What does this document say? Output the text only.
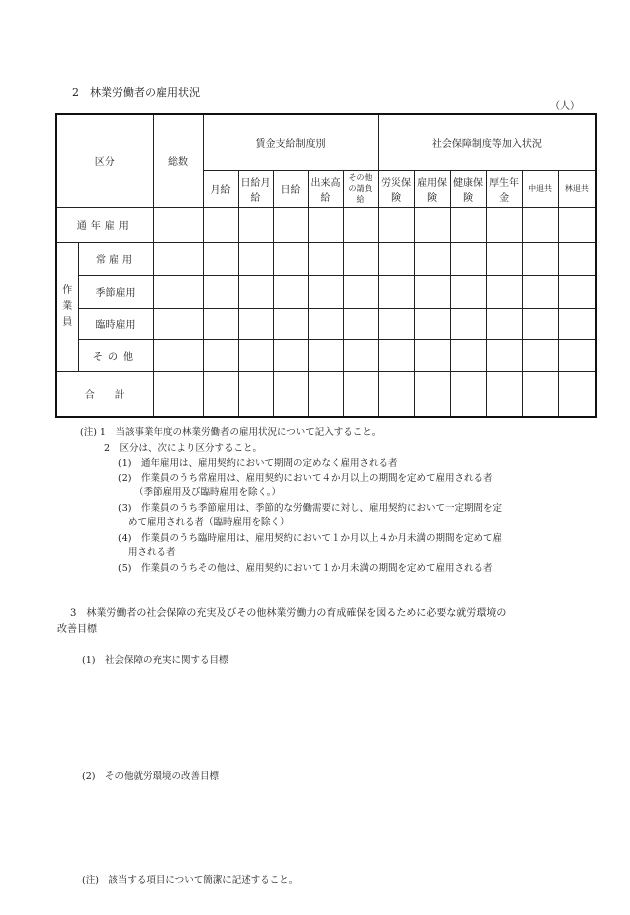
2　林業労働者の雇用状況
（人）
区分		総数	賃金支給制度別					社会保障制度等加入状況					
			月給	日給月給	日給	出来高給	その他の請負給	労災保険	雇用保険	健康保険	厚生年金	中退共	林退共
通年雇用													

作業員	常雇用												
	季節雇用												
	臨時雇用												
	その他												
合　　計													
(注) 1　当該事業年度の林業労働者の雇用状況について記入すること。
2　区分は、次により区分すること。
(1)　通年雇用は、雇用契約において期間の定めなく雇用される者
(2)　作業員のうち常雇用は、雇用契約において４か月以上の期間を定めて雇用される者
（季節雇用及び臨時雇用を除く。）
(3)　作業員のうち季節雇用は、季節的な労働需要に対し、雇用契約において一定期間を定
めて雇用される者（臨時雇用を除く）
(4)　作業員のうち臨時雇用は、雇用契約において１か月以上４か月未満の期間を定めて雇
用される者
(5)　作業員のうちその他は、雇用契約において１か月未満の期間を定めて雇用される者
3　林業労働者の社会保障の充実及びその他林業労働力の育成確保を図るために必要な就労環境の
改善目標
(1)　社会保障の充実に関する目標
(2)　その他就労環境の改善目標
(注)　該当する項目について簡潔に記述すること。
